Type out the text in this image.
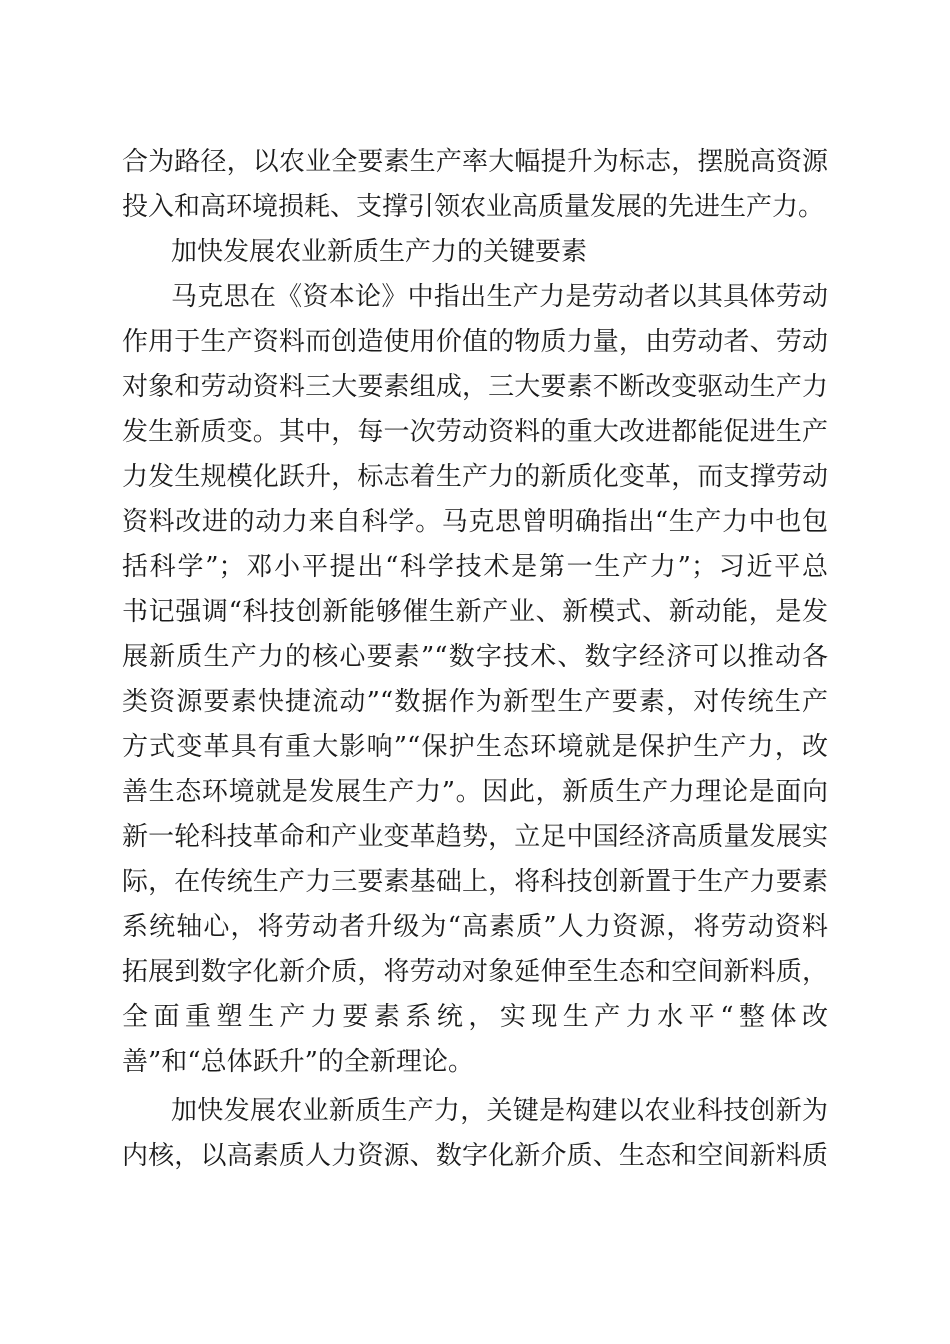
合为路径，以农业全要素生产率大幅提升为标志，摆脱高资源
投入和高环境损耗、支撑引领农业高质量发展的先进生产力。
加快发展农业新质生产力的关键要素
马克思在《资本论》中指出生产力是劳动者以其具体劳动
作用于生产资料而创造使用价值的物质力量，由劳动者、劳动
对象和劳动资料三大要素组成，三大要素不断改变驱动生产力
发生新质变。其中，每一次劳动资料的重大改进都能促进生产
力发生规模化跃升，标志着生产力的新质化变革，而支撑劳动
资料改进的动力来自科学。马克思曾明确指出“生产力中也包
括科学”；邓小平提出“科学技术是第一生产力”；习近平总
书记强调“科技创新能够催生新产业、新模式、新动能，是发
展新质生产力的核心要素”“数字技术、数字经济可以推动各
类资源要素快捷流动”“数据作为新型生产要素，对传统生产
方式变革具有重大影响”“保护生态环境就是保护生产力，改
善生态环境就是发展生产力”。因此，新质生产力理论是面向
新一轮科技革命和产业变革趋势，立足中国经济高质量发展实
际，在传统生产力三要素基础上，将科技创新置于生产力要素
系统轴心，将劳动者升级为“高素质”人力资源，将劳动资料
拓展到数字化新介质，将劳动对象延伸至生态和空间新料质，
全面重塑生产力要素系统，实现生产力水平“整体改
善”和“总体跃升”的全新理论。
加快发展农业新质生产力，关键是构建以农业科技创新为
内核，以高素质人力资源、数字化新介质、生态和空间新料质
